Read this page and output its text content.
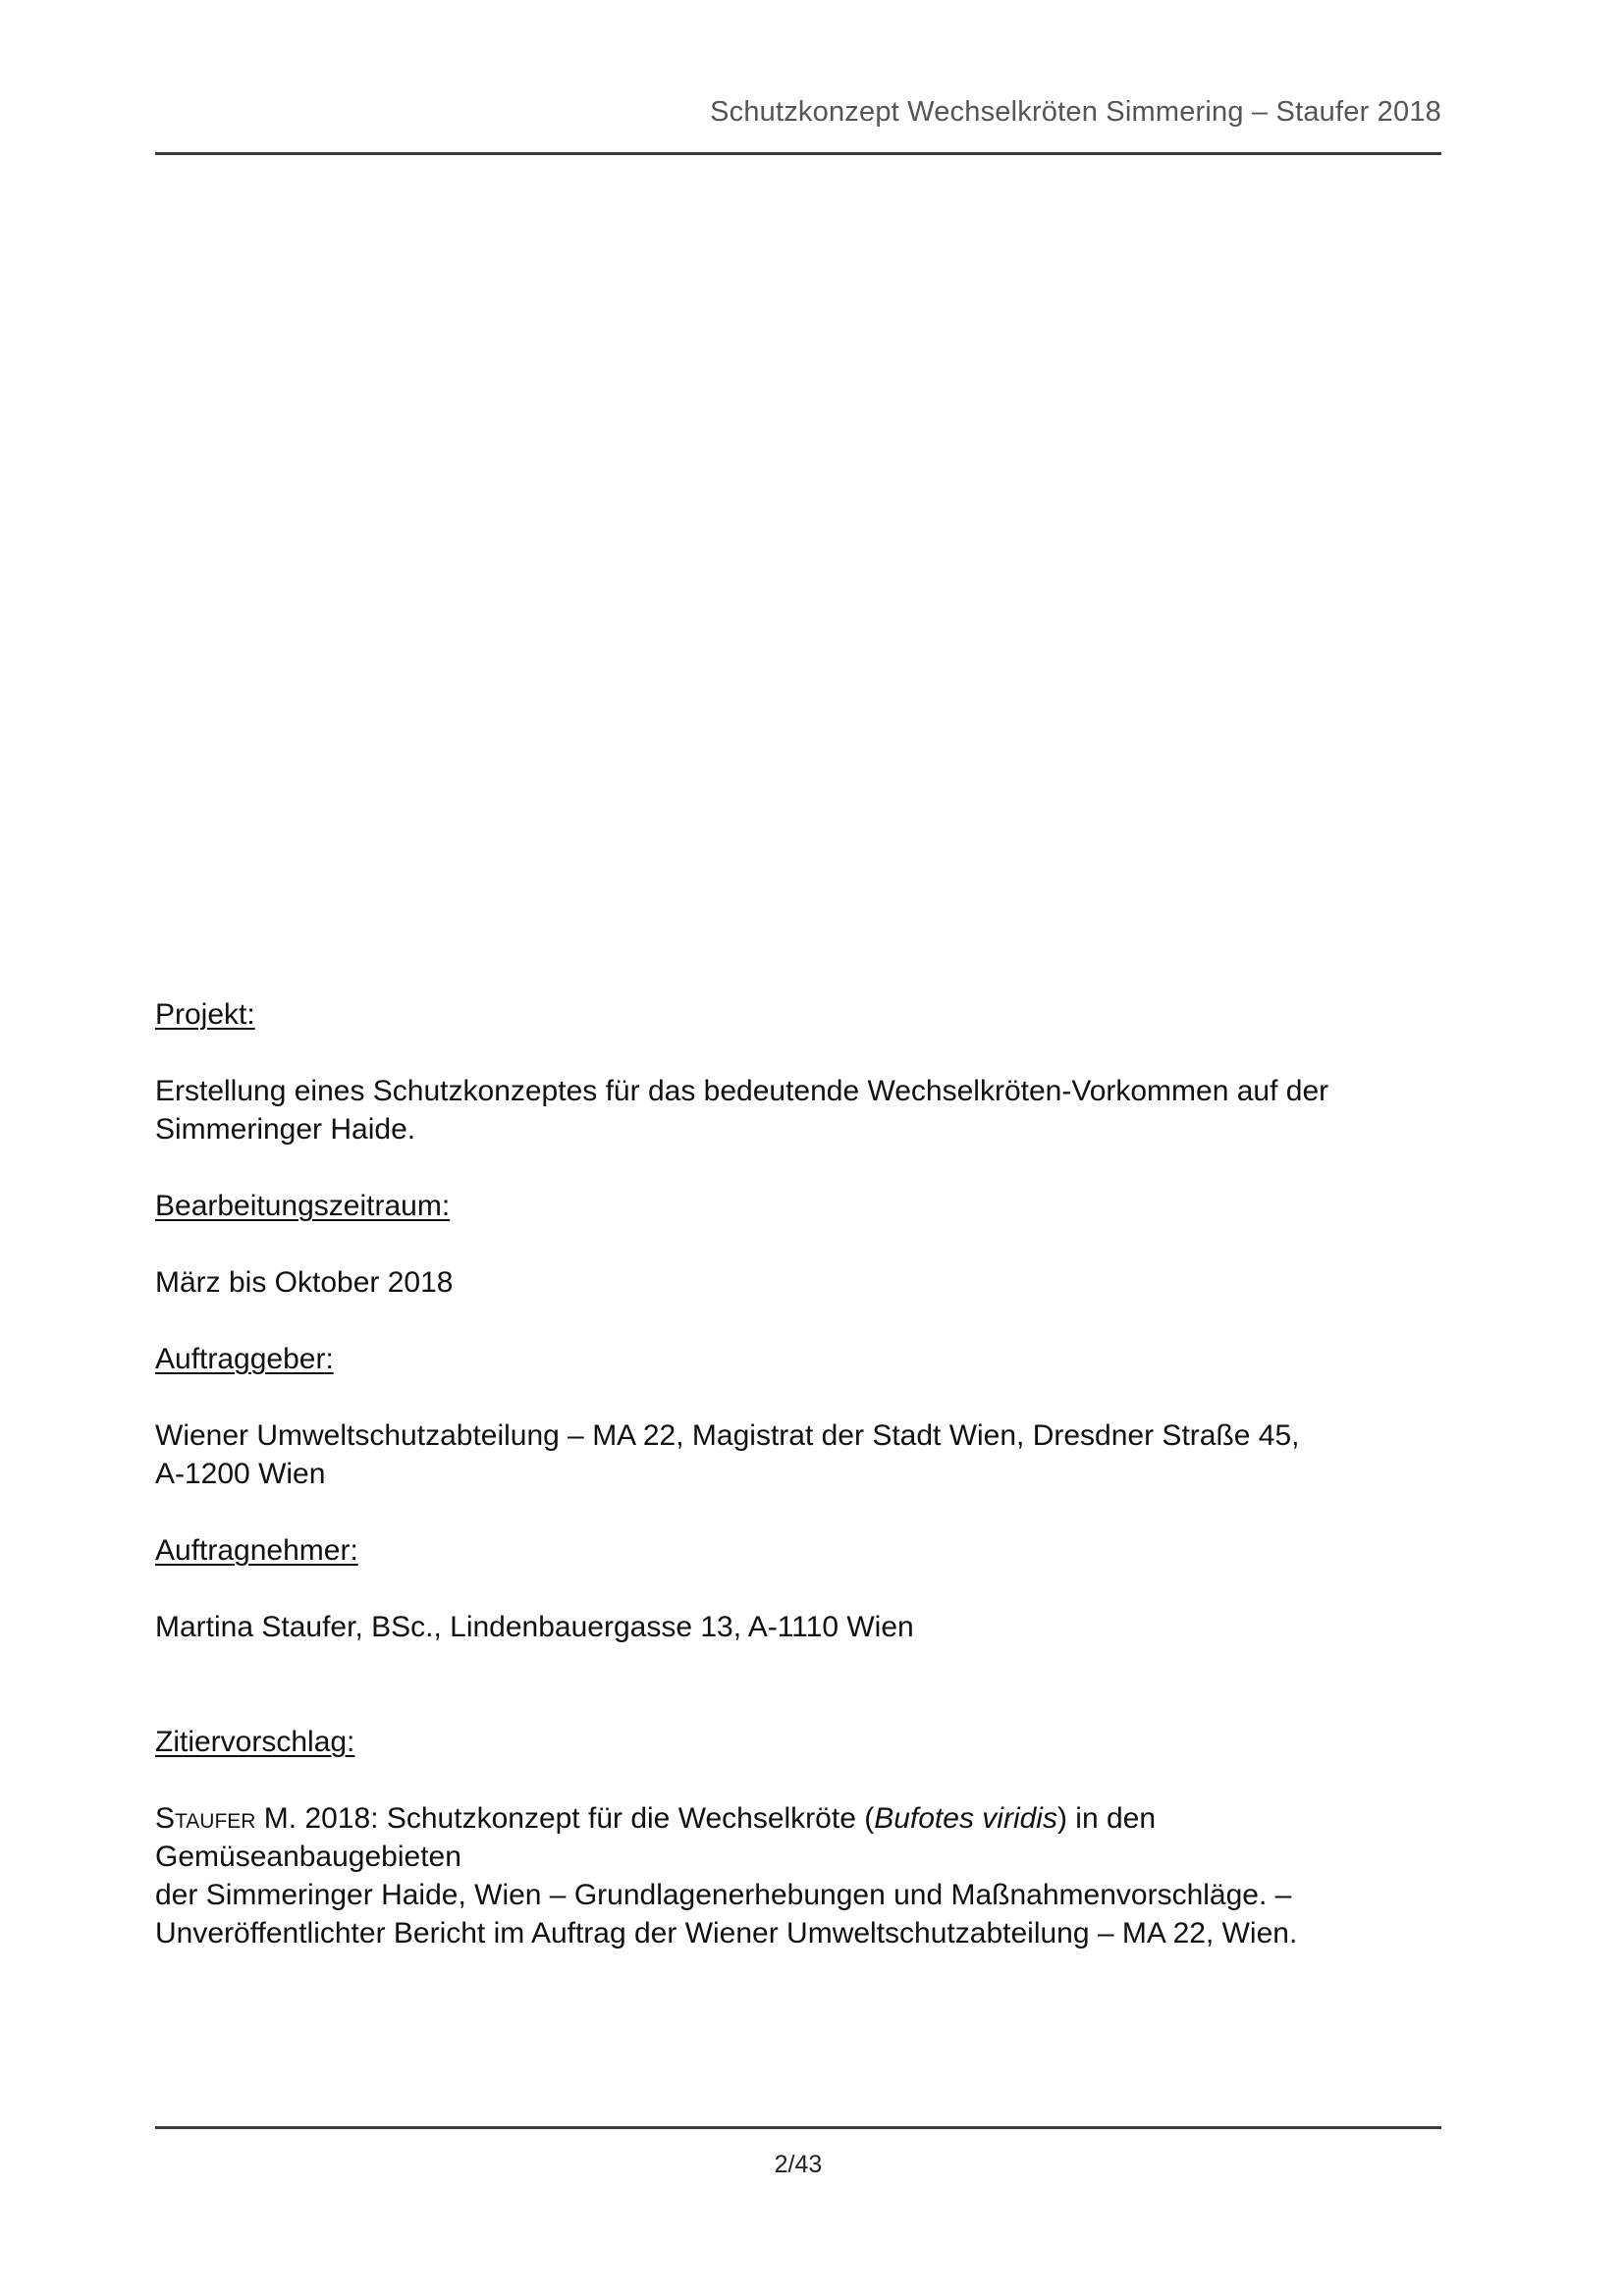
Schutzkonzept Wechselkröten Simmering – Staufer 2018
Projekt:
Erstellung eines Schutzkonzeptes für das bedeutende Wechselkröten-Vorkommen auf der
Simmeringer Haide.
Bearbeitungszeitraum:
März bis Oktober 2018
Auftraggeber:
Wiener Umweltschutzabteilung – MA 22, Magistrat der Stadt Wien, Dresdner Straße 45,
A-1200 Wien
Auftragnehmer:
Martina Staufer, BSc., Lindenbauergasse 13, A-1110 Wien
Zitiervorschlag:
Staufer M. 2018: Schutzkonzept für die Wechselkröte (Bufotes viridis) in den Gemüseanbaugebieten
der Simmeringer Haide, Wien – Grundlagenerhebungen und Maßnahmenvorschläge. –
Unveröffentlichter Bericht im Auftrag der Wiener Umweltschutzabteilung – MA 22, Wien.
2/43
